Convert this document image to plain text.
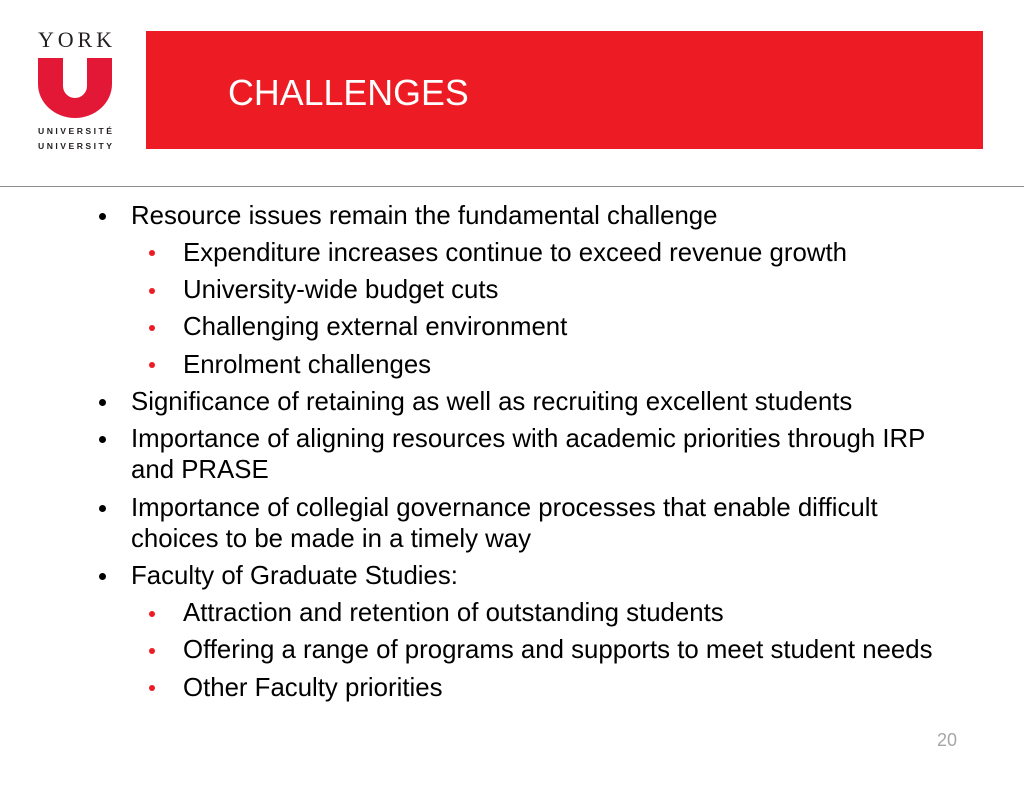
YORK
UNIVERSITÉ
UNIVERSITY
CHALLENGES
Resource issues remain the fundamental challenge
Expenditure increases continue to exceed revenue growth
University-wide budget cuts
Challenging external environment
Enrolment challenges
Significance of retaining as well as recruiting excellent students
Importance of aligning resources with academic priorities through IRP and PRASE
Importance of collegial governance processes that enable difficult choices to be made in a timely way
Faculty of Graduate Studies:
Attraction and retention of outstanding students
Offering a range of programs and supports to meet student needs
Other Faculty priorities
20
